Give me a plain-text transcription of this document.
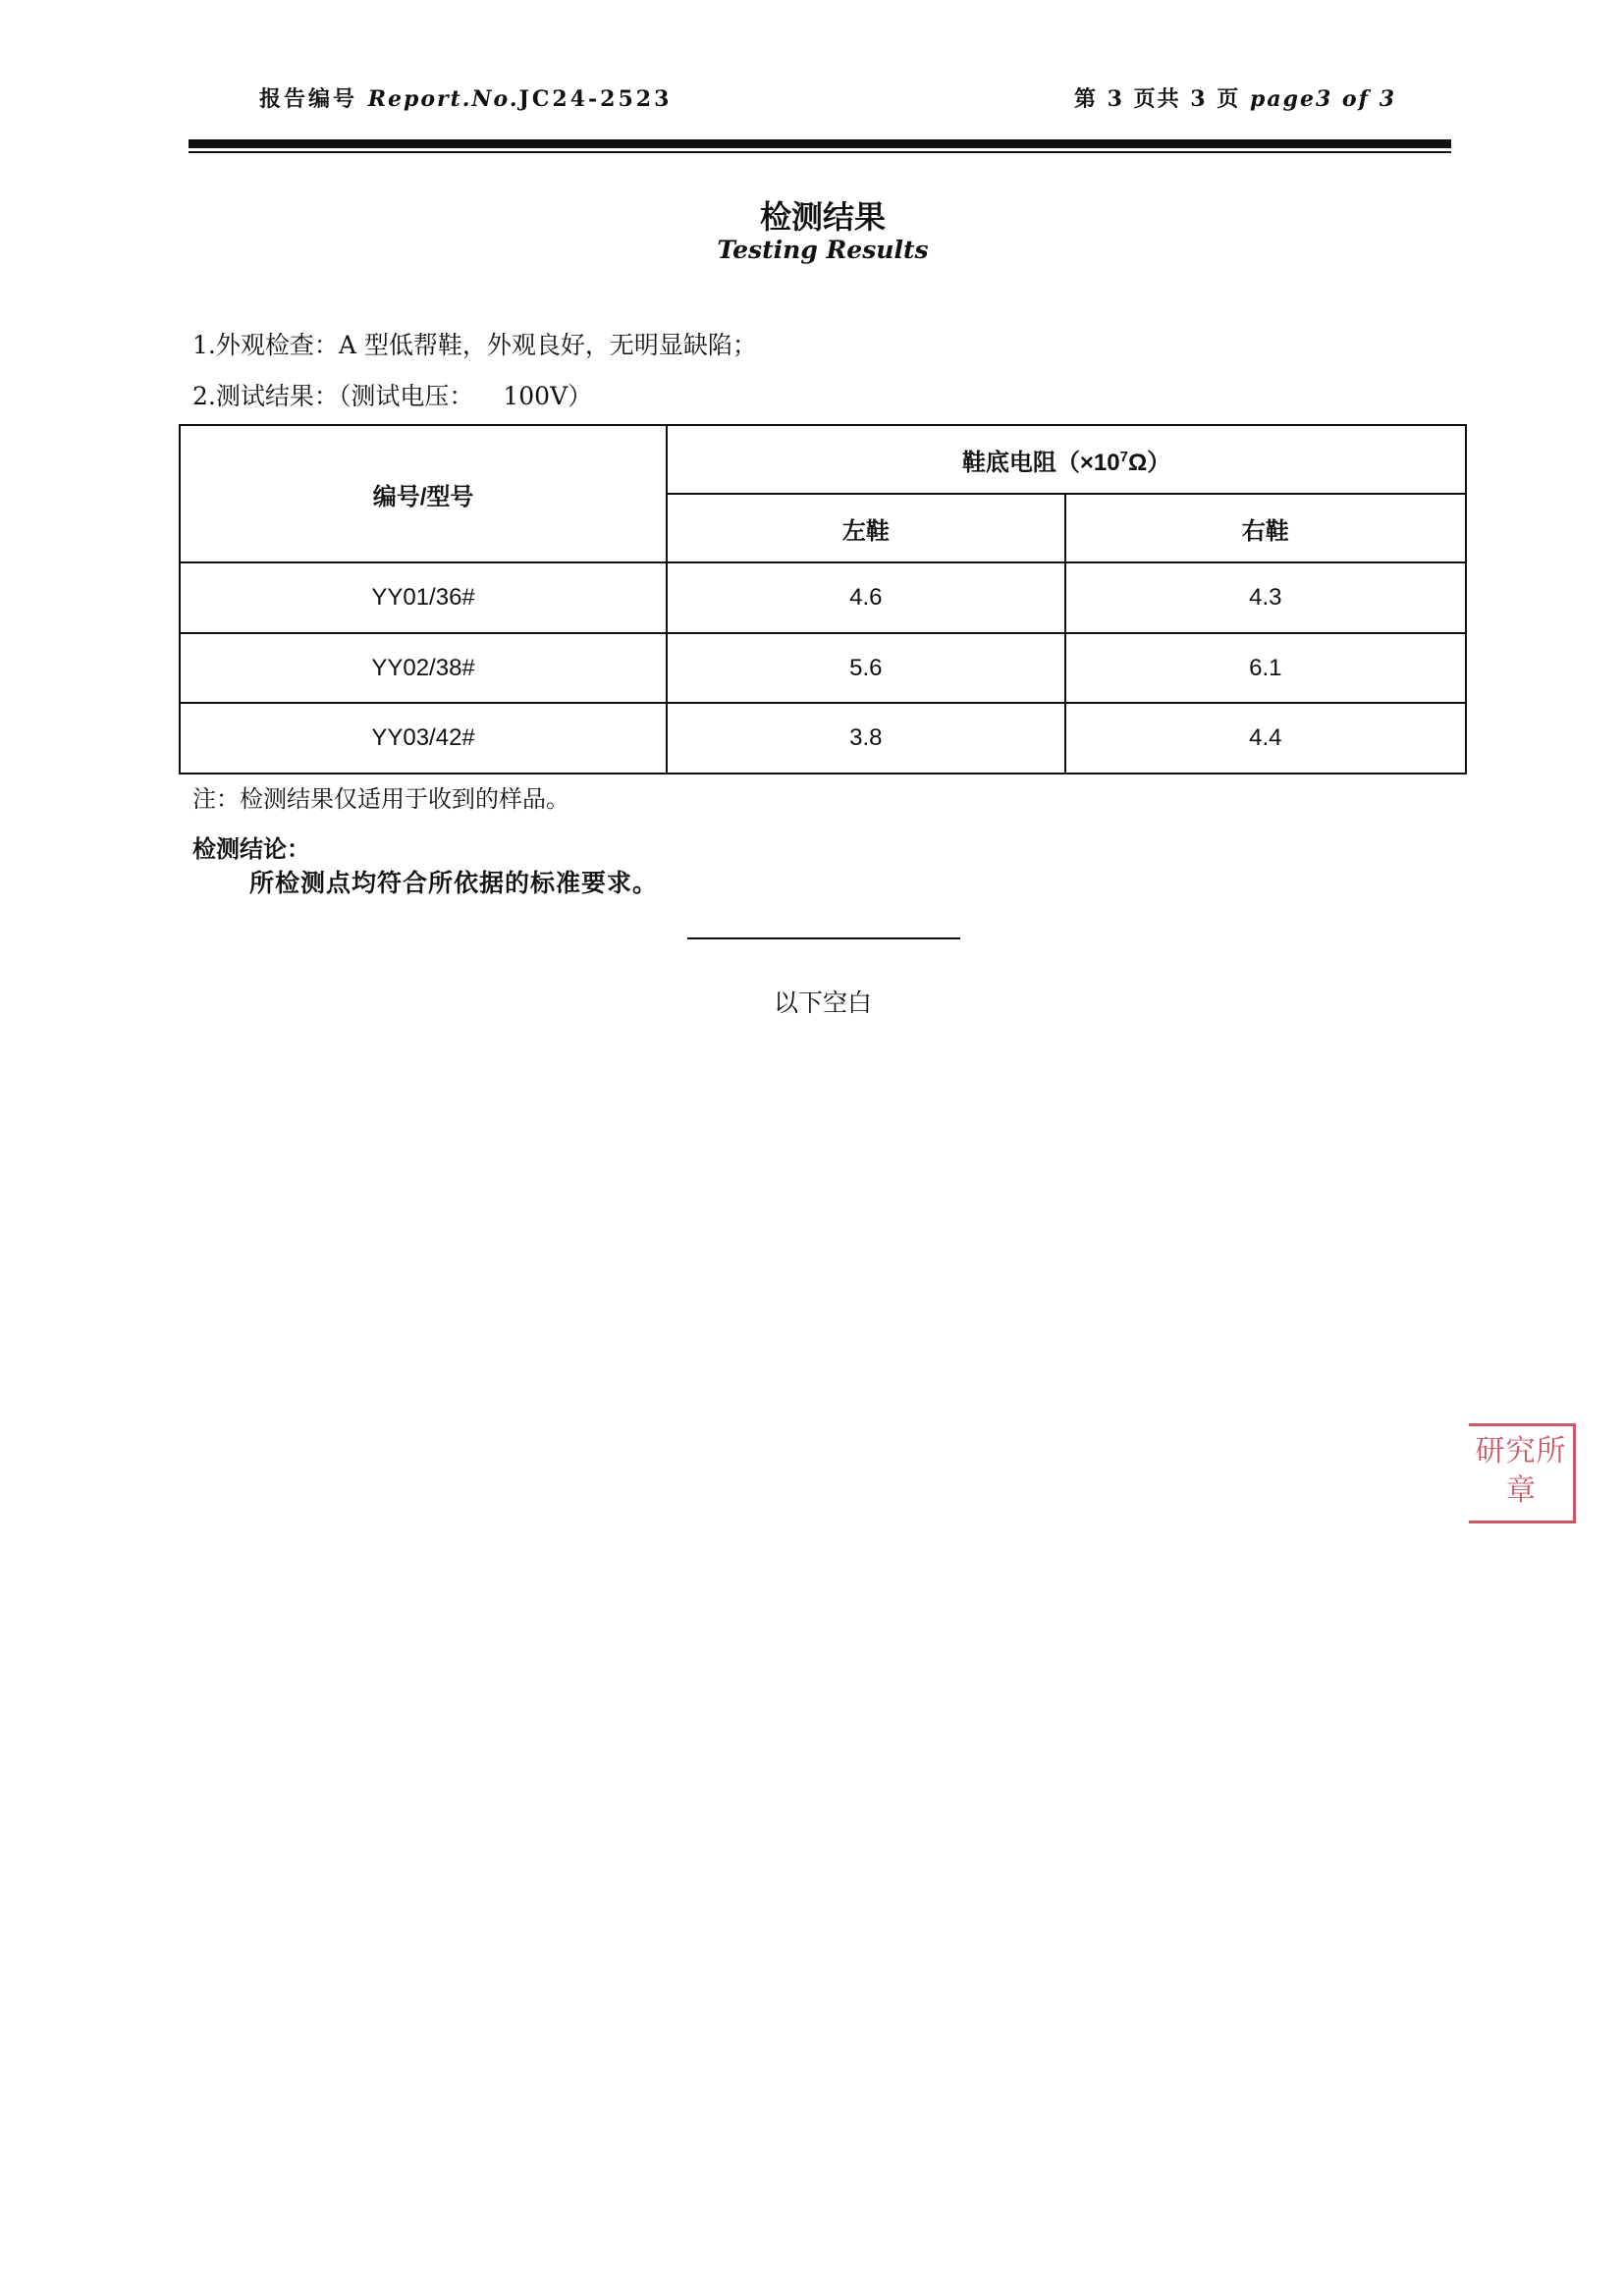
报告编号 Report.No.JC24-2523	第 3 页共 3 页 page3 of 3
检测结果
Testing Results
1.外观检查：A 型低帮鞋，外观良好，无明显缺陷；
2.测试结果：（测试电压： 100V）
编号/型号	鞋底电阻$(\times 10^7\Omega)$	
	左鞋	右鞋
YY01/36#	4.6	4.3
YY02/38#	5.6	6.1
YY03/42#	3.8	4.4
注：检测结果仅适用于收到的样品。
检测结论：
所检测点均符合所依据的标准要求。
以下空白
研究所
章
